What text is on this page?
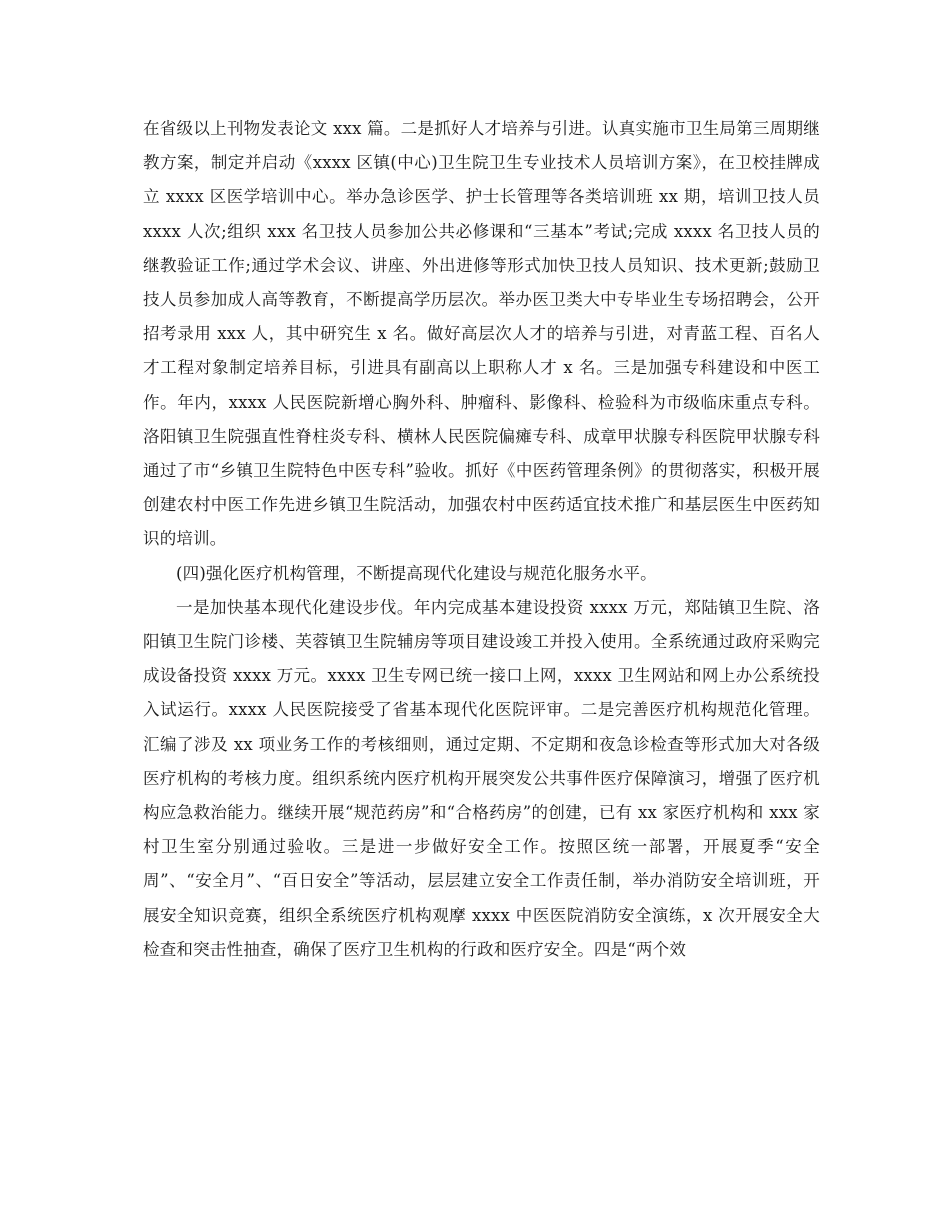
在省级以上刊物发表论文 xxx 篇。二是抓好人才培养与引进。认真实施市卫生局第三周期继教方案，制定并启动《xxxx 区镇(中心)卫生院卫生专业技术人员培训方案》，在卫校挂牌成立 xxxx 区医学培训中心。举办急诊医学、护士长管理等各类培训班 xx 期，培训卫技人员 xxxx 人次;组织 xxx 名卫技人员参加公共必修课和“三基本”考试;完成 xxxx 名卫技人员的继教验证工作;通过学术会议、讲座、外出进修等形式加快卫技人员知识、技术更新;鼓励卫技人员参加成人高等教育，不断提高学历层次。举办医卫类大中专毕业生专场招聘会，公开招考录用 xxx 人，其中研究生 x 名。做好高层次人才的培养与引进，对青蓝工程、百名人才工程对象制定培养目标，引进具有副高以上职称人才 x 名。三是加强专科建设和中医工作。年内，xxxx 人民医院新增心胸外科、肿瘤科、影像科、检验科为市级临床重点专科。洛阳镇卫生院强直性脊柱炎专科、横林人民医院偏瘫专科、成章甲状腺专科医院甲状腺专科通过了市“乡镇卫生院特色中医专科”验收。抓好《中医药管理条例》的贯彻落实，积极开展创建农村中医工作先进乡镇卫生院活动，加强农村中医药适宜技术推广和基层医生中医药知识的培训。

(四)强化医疗机构管理，不断提高现代化建设与规范化服务水平。

一是加快基本现代化建设步伐。年内完成基本建设投资 xxxx 万元，郑陆镇卫生院、洛阳镇卫生院门诊楼、芙蓉镇卫生院辅房等项目建设竣工并投入使用。全系统通过政府采购完成设备投资 xxxx 万元。xxxx 卫生专网已统一接口上网，xxxx 卫生网站和网上办公系统投入试运行。xxxx 人民医院接受了省基本现代化医院评审。二是完善医疗机构规范化管理。汇编了涉及 xx 项业务工作的考核细则，通过定期、不定期和夜急诊检查等形式加大对各级医疗机构的考核力度。组织系统内医疗机构开展突发公共事件医疗保障演习，增强了医疗机构应急救治能力。继续开展“规范药房”和“合格药房”的创建，已有 xx 家医疗机构和 xxx 家村卫生室分别通过验收。三是进一步做好安全工作。按照区统一部署，开展夏季“安全周”、“安全月”、“百日安全”等活动，层层建立安全工作责任制，举办消防安全培训班，开展安全知识竞赛，组织全系统医疗机构观摩 xxxx 中医医院消防安全演练，x 次开展安全大检查和突击性抽查，确保了医疗卫生机构的行政和医疗安全。四是“两个效
